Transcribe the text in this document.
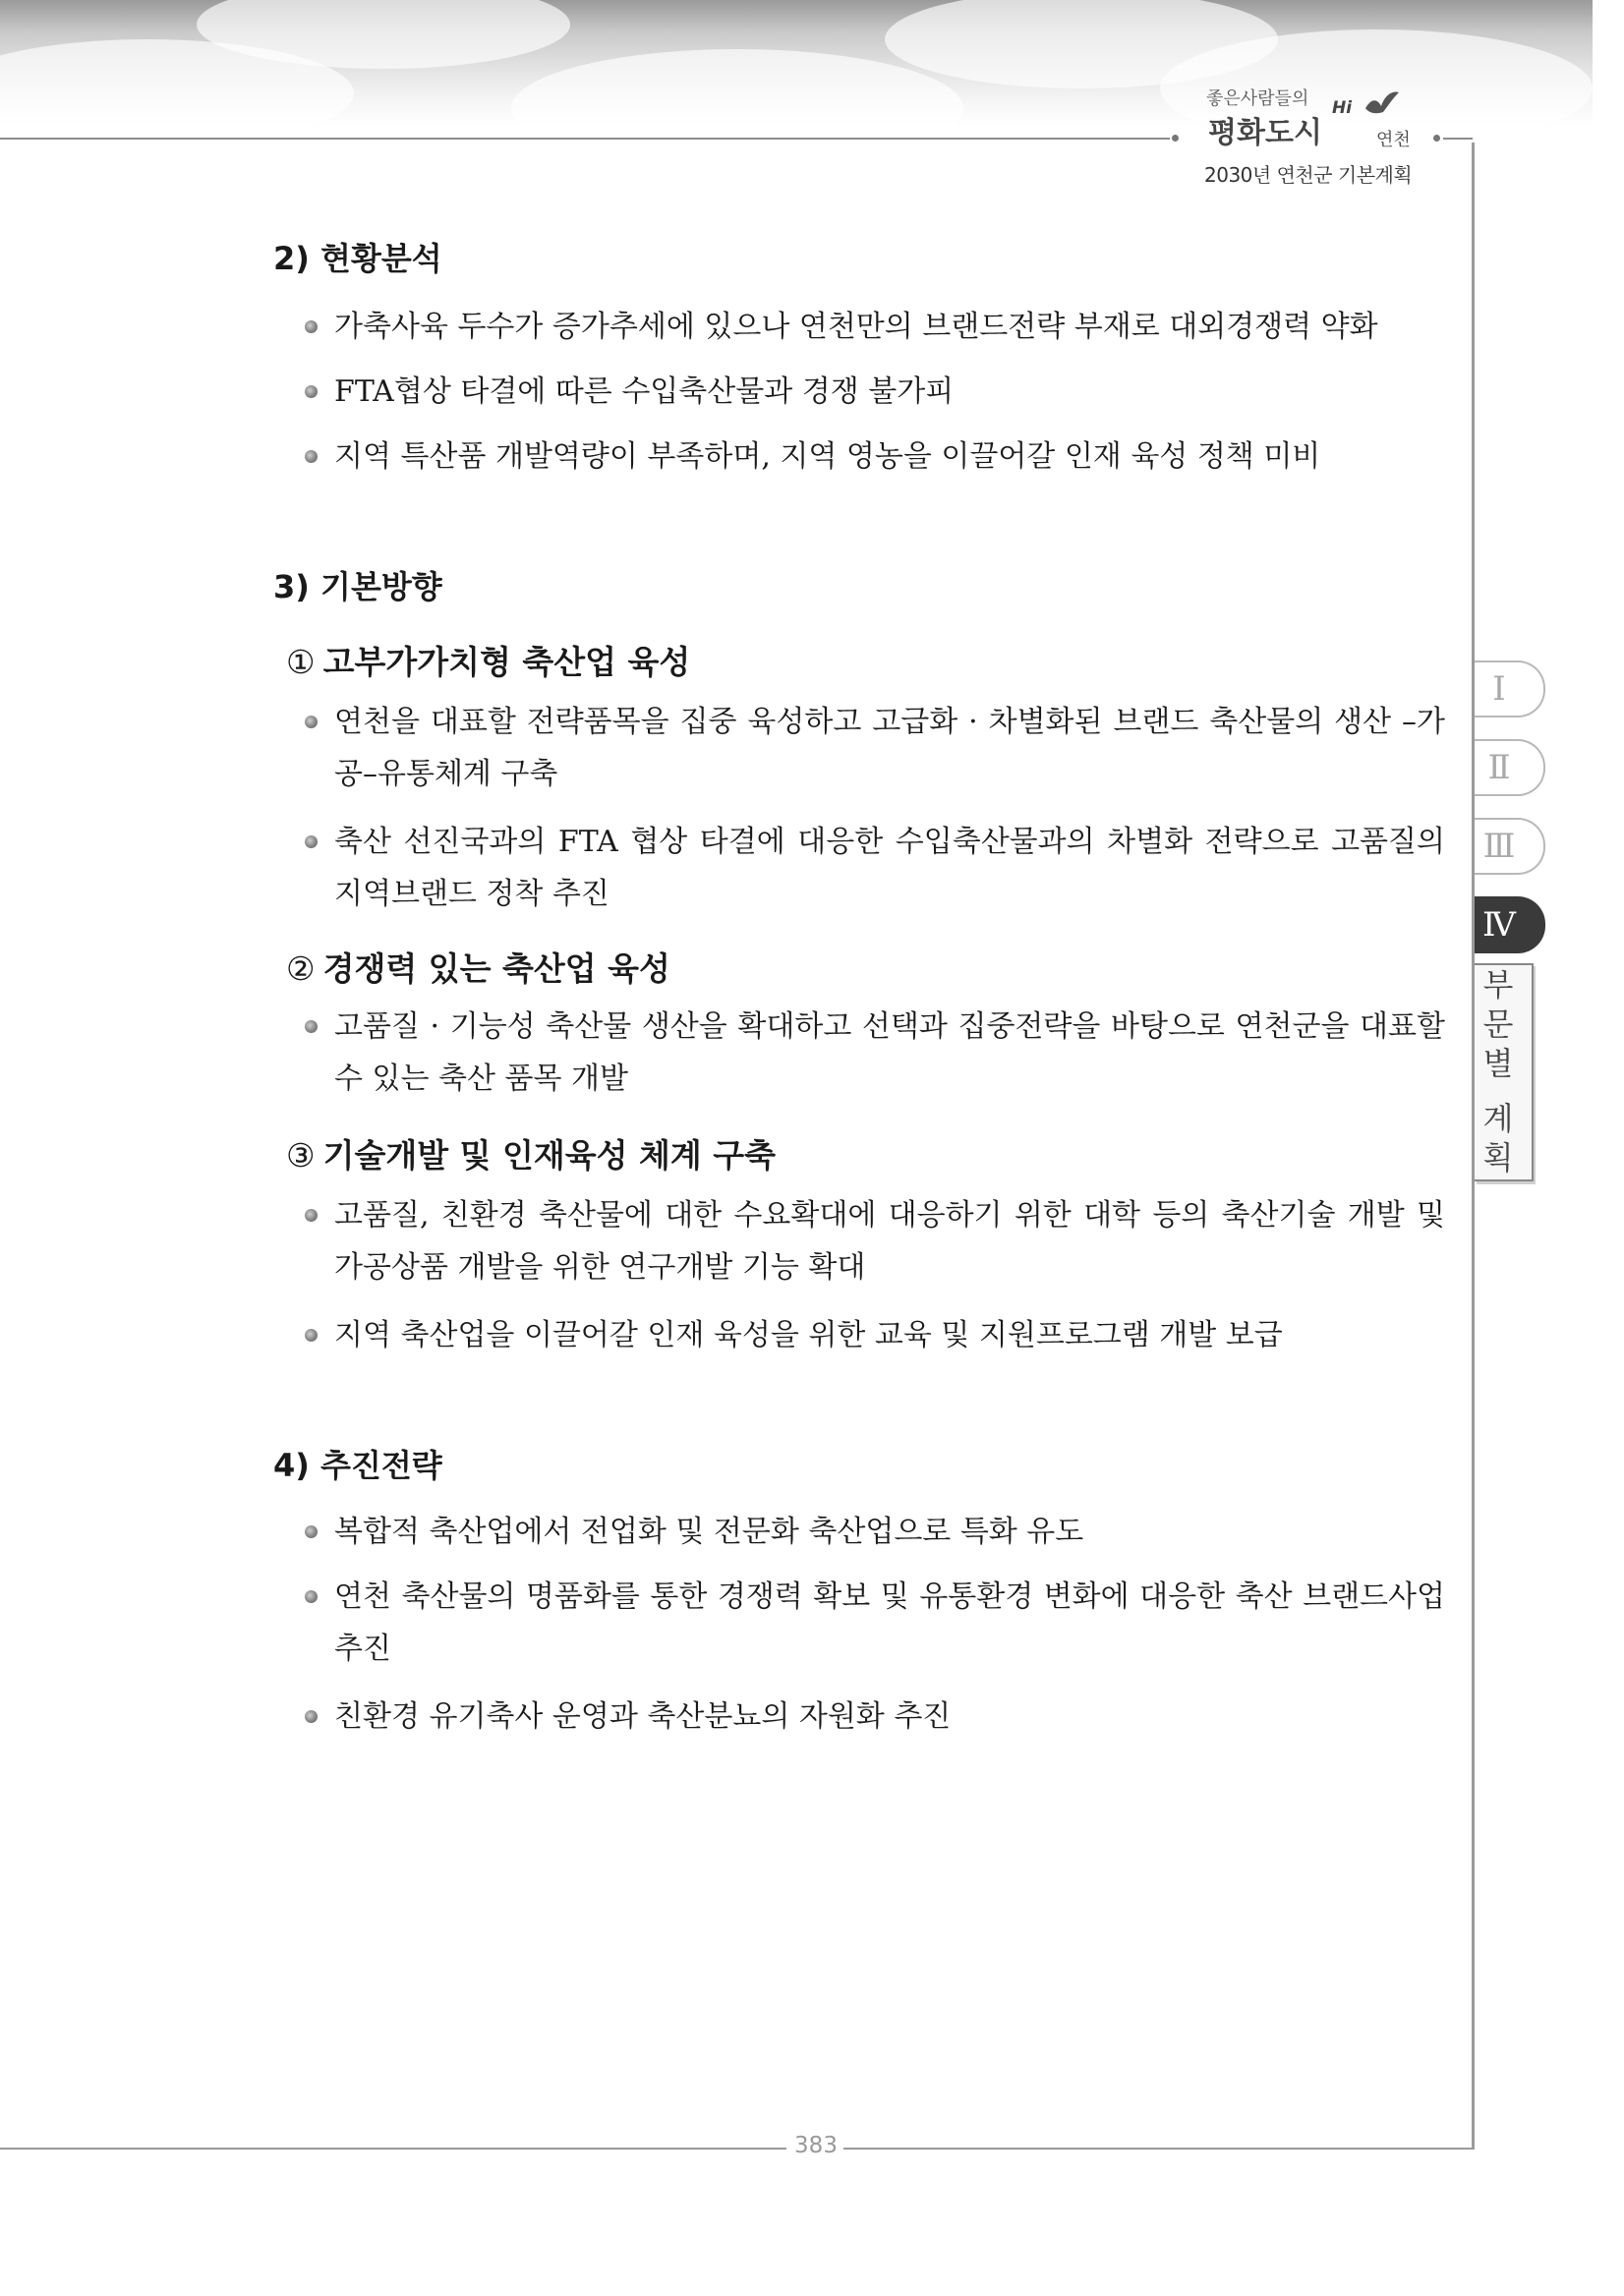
좋은사람들의
평화도시
Hi
연천
2030년 연천군 기본계획
Ⅰ
Ⅱ
Ⅲ
Ⅳ
부
문
별
계
획
2) 현황분석
가축사육 두수가 증가추세에 있으나 연천만의 브랜드전략 부재로 대외경쟁력 약화
FTA협상 타결에 따른 수입축산물과 경쟁 불가피
지역 특산품 개발역량이 부족하며, 지역 영농을 이끌어갈 인재 육성 정책 미비
3) 기본방향
① 고부가가치형 축산업 육성
연천을 대표할 전략품목을 집중 육성하고 고급화 · 차별화된 브랜드 축산물의 생산 –가공–유통체계 구축
축산 선진국과의 FTA 협상 타결에 대응한 수입축산물과의 차별화 전략으로 고품질의 지역브랜드 정착 추진
② 경쟁력 있는 축산업 육성
고품질 · 기능성 축산물 생산을 확대하고 선택과 집중전략을 바탕으로 연천군을 대표할 수 있는 축산 품목 개발
③ 기술개발 및 인재육성 체계 구축
고품질, 친환경 축산물에 대한 수요확대에 대응하기 위한 대학 등의 축산기술 개발 및 가공상품 개발을 위한 연구개발 기능 확대
지역 축산업을 이끌어갈 인재 육성을 위한 교육 및 지원프로그램 개발 보급
4) 추진전략
복합적 축산업에서 전업화 및 전문화 축산업으로 특화 유도
연천 축산물의 명품화를 통한 경쟁력 확보 및 유통환경 변화에 대응한 축산 브랜드사업 추진
친환경 유기축사 운영과 축산분뇨의 자원화 추진
383
